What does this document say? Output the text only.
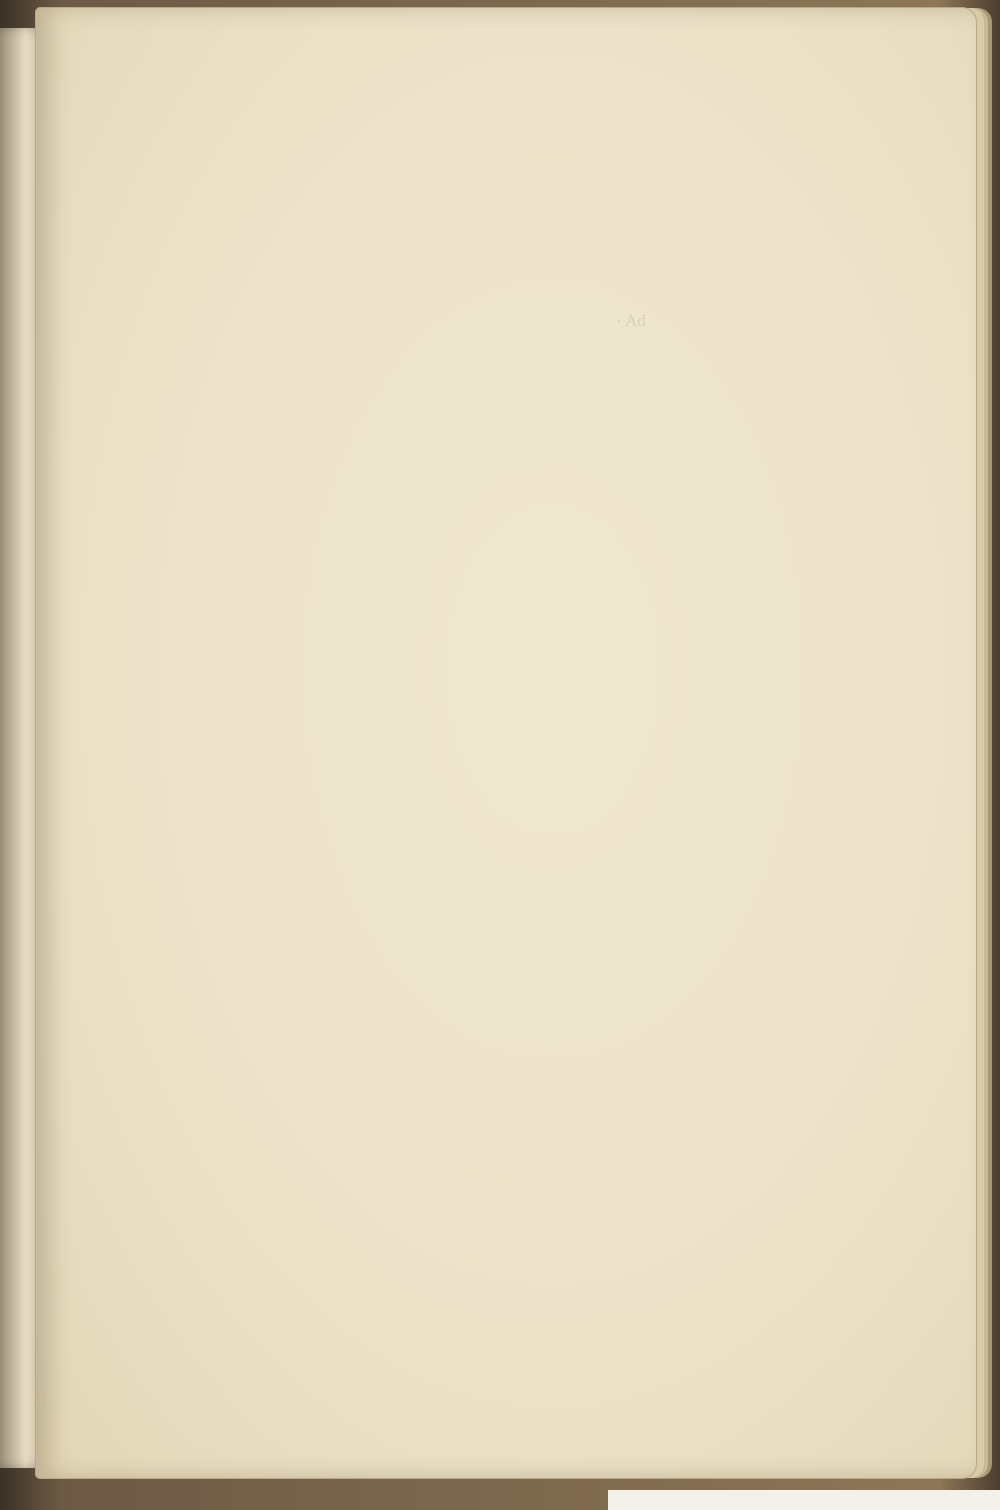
· Ad
